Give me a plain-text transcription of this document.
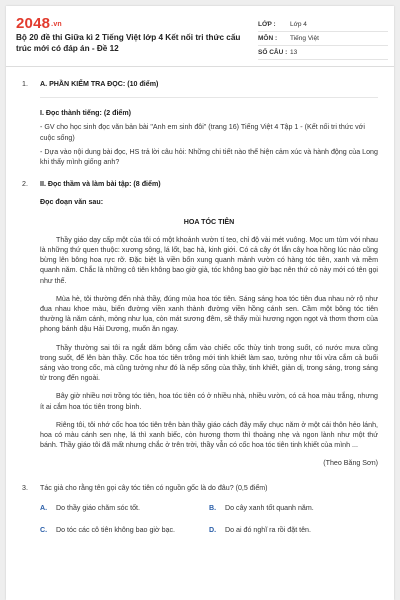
2048.vn
Bộ 20 đề thi Giữa kì 2 Tiếng Việt lớp 4 Kết nối tri thức cấu trúc mới có đáp án - Đề 12
LỚP :	Lớp 4
MÔN :	Tiếng Việt
SỐ CÂU : 13
1.	A. PHẦN KIỂM TRA ĐỌC: (10 điểm)
I. Đọc thành tiếng: (2 điểm)

- GV cho học sinh đọc văn bản bài "Anh em sinh đôi" (trang 16) Tiếng Việt 4 Tập 1 - (Kết nối tri thức với cuộc sống)

- Dựa vào nội dung bài đọc, HS trả lời câu hỏi: Những chi tiết nào thể hiện cảm xúc và hành động của Long khi thấy mình giống anh?

2.	II. Đọc thầm và làm bài tập: (8 điểm)
Đọc đoạn văn sau:
HOA TÓC TIÊN

Thầy giáo dạy cấp một của tôi có một khoảnh vườn tí teo, chỉ độ vài mét vuông. Mọc um tùm với nhau là những thứ quen thuộc: xương sông, lá lốt, bạc hà, kinh giới. Có cả cây ớt lắn cây hoa hồng lúc nào cũng bừng lên bông hoa rực rỡ. Đặc biệt là viền bốn xung quanh mảnh vườn có hàng tóc tiên, xanh và mềm quanh năm. Chắc là những cô tiên không bao giờ già, tóc không bao giờ bạc nên thứ cỏ này mới có tên gọi như thế.

Mùa hè, tôi thường đến nhà thầy, đúng mùa hoa tóc tiên. Sáng sáng hoa tóc tiên đua nhau nở rộ như đua nhau khoe màu, biến đường viền xanh thành đường viền hồng cánh sen. Cầm một bông tóc tiên thường là năm cánh, mỏng như lụa, còn mát sương đêm, sẽ thấy mùi hương ngọn ngọt và thơm thơm của phong bánh dậu Hải Dương, muốn ăn ngay.

Thầy thường sai tôi ra ngắt dăm bông cắm vào chiếc cốc thủy tinh trong suốt, có nước mưa cũng trong suốt, để lên bàn thầy. Cốc hoa tóc tiên trông mới tinh khiết làm sao, tưởng như tôi vừa cắm cả buổi sáng vào trong cốc, mà cũng tưởng như đó là nếp sống của thầy, tinh khiết, giản dị, trong sáng, trong sáng từ trong đến ngoài.

Bây giờ nhiều nơi trồng tóc tiên, hoa tóc tiên có ở nhiều nhà, nhiều vườn, có cả hoa màu trắng, nhưng ít ai cắm hoa tóc tiên trong bình.

Riêng tôi, tôi nhớ cốc hoa tóc tiên trên bàn thầy giáo cách đây mấy chục năm ở một cái thôn hẻo lánh, hoa có màu cánh sen nhẹ, lá thì xanh biếc, còn hương thơm thì thoảng nhẹ và ngon lành như một thứ bánh. Thầy giáo tôi đã mất nhưng chắc ở trên trời, thầy vẫn có cốc hoa tóc tiên tinh khiết của mình ...

(Theo Băng Sơn)
3.	Tác giả cho rằng tên gọi cây tóc tiên có nguồn gốc là do đâu? (0,5 điểm)
A.	Do thầy giáo chăm sóc tốt.	B.	Do cây xanh tốt quanh năm.
C.	Do tóc các cô tiên không bao giờ bạc.	D.	Do ai đó nghĩ ra rồi đặt tên.
